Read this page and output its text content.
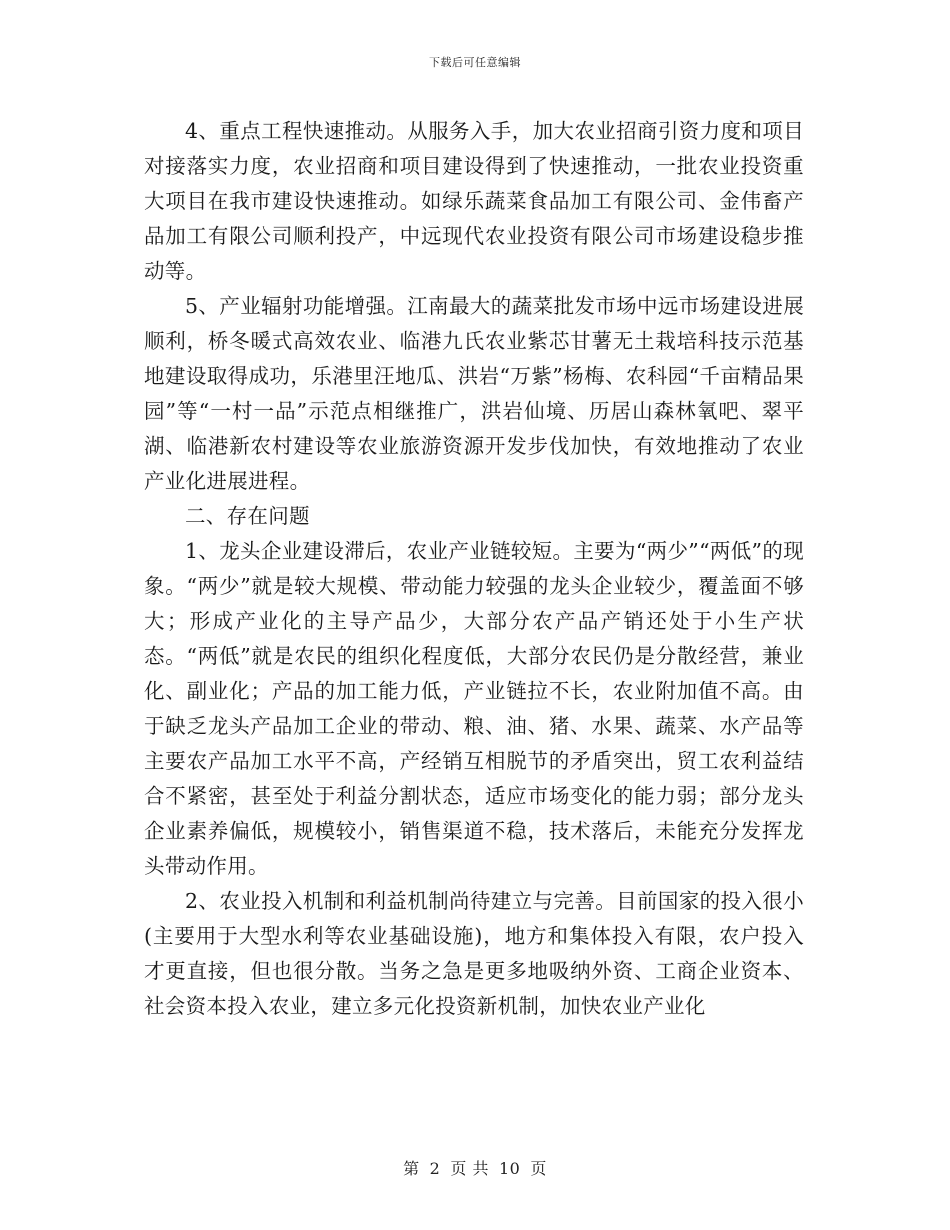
下载后可任意编辑

4、重点工程快速推动。从服务入手，加大农业招商引资力度和项目对接落实力度，农业招商和项目建设得到了快速推动，一批农业投资重大项目在我市建设快速推动。如绿乐蔬菜食品加工有限公司、金伟畜产品加工有限公司顺利投产，中远现代农业投资有限公司市场建设稳步推动等。

5、产业辐射功能增强。江南最大的蔬菜批发市场中远市场建设进展顺利，桥冬暖式高效农业、临港九氏农业紫芯甘薯无土栽培科技示范基地建设取得成功，乐港里汪地瓜、洪岩“万紫”杨梅、农科园“千亩精品果园”等“一村一品”示范点相继推广，洪岩仙境、历居山森林氧吧、翠平湖、临港新农村建设等农业旅游资源开发步伐加快，有效地推动了农业产业化进展进程。

二、存在问题

1、龙头企业建设滞后，农业产业链较短。主要为“两少”“两低”的现象。“两少”就是较大规模、带动能力较强的龙头企业较少，覆盖面不够大；形成产业化的主导产品少，大部分农产品产销还处于小生产状态。“两低”就是农民的组织化程度低，大部分农民仍是分散经营，兼业化、副业化；产品的加工能力低，产业链拉不长，农业附加值不高。由于缺乏龙头产品加工企业的带动、粮、油、猪、水果、蔬菜、水产品等主要农产品加工水平不高，产经销互相脱节的矛盾突出，贸工农利益结合不紧密，甚至处于利益分割状态，适应市场变化的能力弱；部分龙头企业素养偏低，规模较小，销售渠道不稳，技术落后，未能充分发挥龙头带动作用。

2、农业投入机制和利益机制尚待建立与完善。目前国家的投入很小(主要用于大型水利等农业基础设施)，地方和集体投入有限，农户投入才更直接，但也很分散。当务之急是更多地吸纳外资、工商企业资本、社会资本投入农业，建立多元化投资新机制，加快农业产业化

第 2 页 共 10 页
